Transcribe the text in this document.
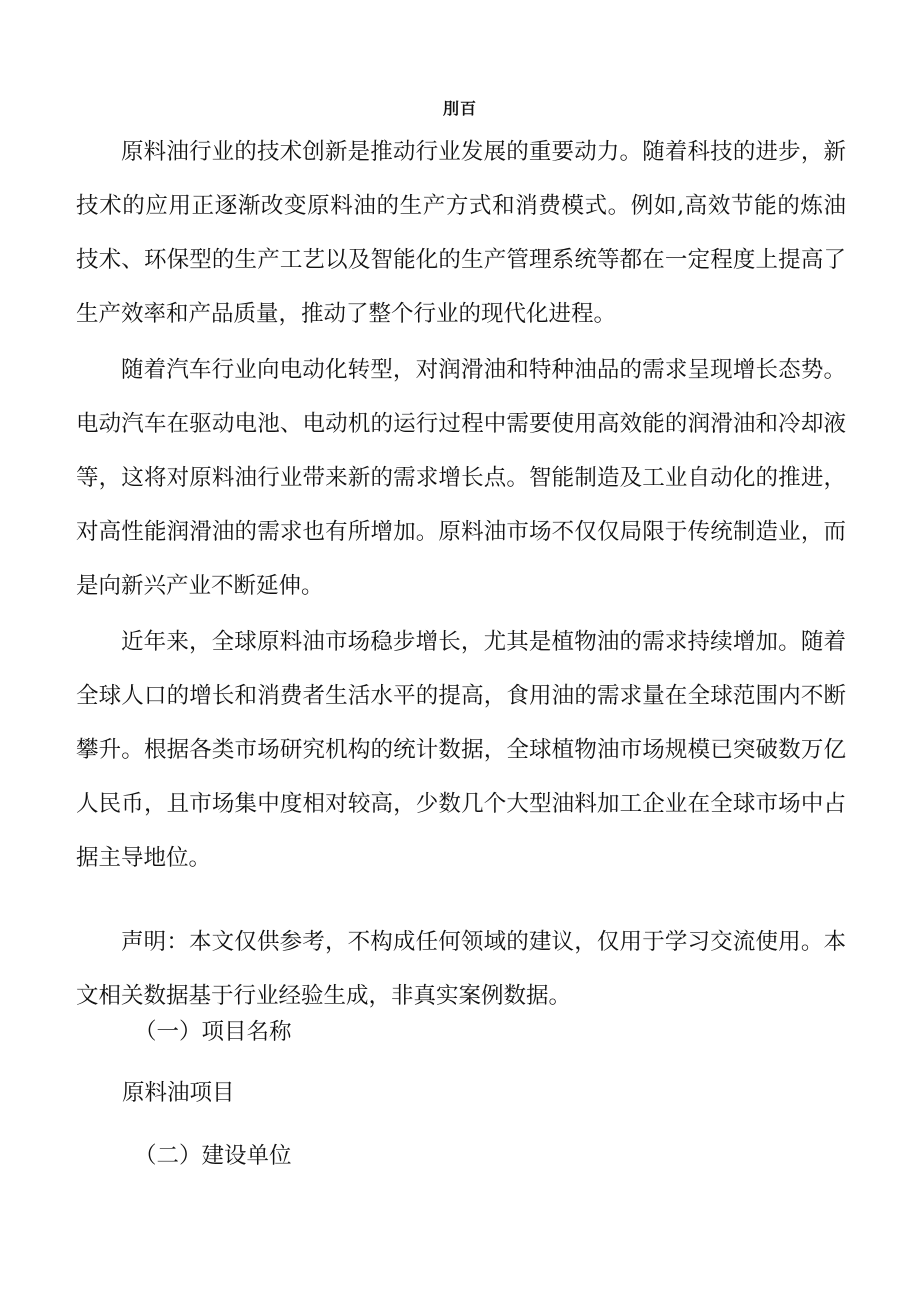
刖百

原料油行业的技术创新是推动行业发展的重要动力。随着科技的进步，新技术的应用正逐渐改变原料油的生产方式和消费模式。例如,高效节能的炼油技术、环保型的生产工艺以及智能化的生产管理系统等都在一定程度上提高了生产效率和产品质量，推动了整个行业的现代化进程。

随着汽车行业向电动化转型，对润滑油和特种油品的需求呈现增长态势。电动汽车在驱动电池、电动机的运行过程中需要使用高效能的润滑油和冷却液等，这将对原料油行业带来新的需求增长点。智能制造及工业自动化的推进，对高性能润滑油的需求也有所增加。原料油市场不仅仅局限于传统制造业，而是向新兴产业不断延伸。

近年来，全球原料油市场稳步增长，尤其是植物油的需求持续增加。随着全球人口的增长和消费者生活水平的提高，食用油的需求量在全球范围内不断攀升。根据各类市场研究机构的统计数据，全球植物油市场规模已突破数万亿人民币，且市场集中度相对较高，少数几个大型油料加工企业在全球市场中占据主导地位。

声明：本文仅供参考，不构成任何领域的建议，仅用于学习交流使用。本文相关数据基于行业经验生成，非真实案例数据。

（一）项目名称

原料油项目

（二）建设单位
